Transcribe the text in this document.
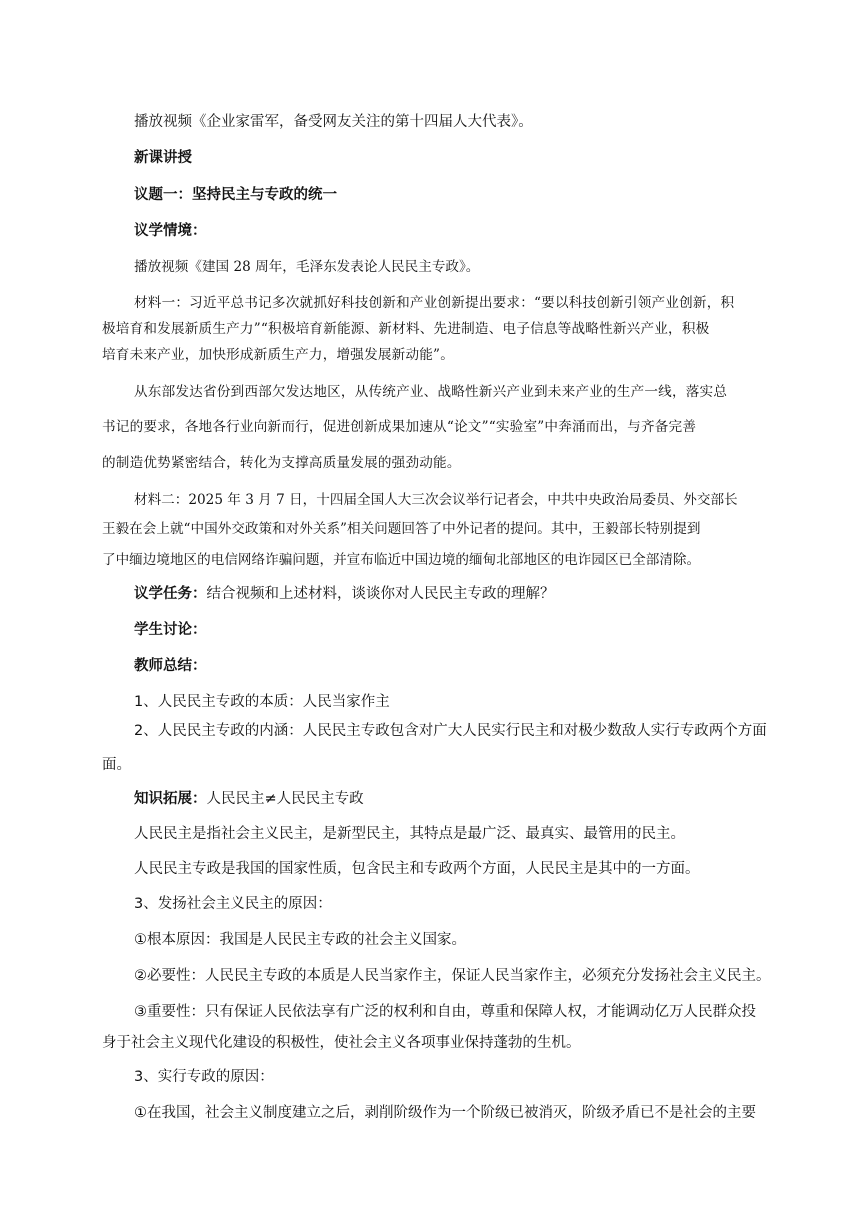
播放视频《企业家雷军，备受网友关注的第十四届人大代表》。
新课讲授
议题一：坚持民主与专政的统一
议学情境：
播放视频《建国 28 周年，毛泽东发表论人民民主专政》。
材料一：习近平总书记多次就抓好科技创新和产业创新提出要求：“要以科技创新引领产业创新，积
极培育和发展新质生产力”“积极培育新能源、新材料、先进制造、电子信息等战略性新兴产业，积极
培育未来产业，加快形成新质生产力，增强发展新动能”。
从东部发达省份到西部欠发达地区，从传统产业、战略性新兴产业到未来产业的生产一线，落实总
书记的要求，各地各行业向新而行，促进创新成果加速从“论文”“实验室”中奔涌而出，与齐备完善
的制造优势紧密结合，转化为支撑高质量发展的强劲动能。
材料二：2025 年 3 月 7 日，十四届全国人大三次会议举行记者会，中共中央政治局委员、外交部长
王毅在会上就“中国外交政策和对外关系”相关问题回答了中外记者的提问。其中，王毅部长特别提到
了中缅边境地区的电信网络诈骗问题，并宣布临近中国边境的缅甸北部地区的电诈园区已全部清除。
议学任务：结合视频和上述材料，谈谈你对人民民主专政的理解？
学生讨论：
教师总结：
1、人民民主专政的本质：人民当家作主
2、人民民主专政的内涵：人民民主专政包含对广大人民实行民主和对极少数敌人实行专政两个方面
面。
知识拓展：人民民主≠人民民主专政
人民民主是指社会主义民主，是新型民主，其特点是最广泛、最真实、最管用的民主。
人民民主专政是我国的国家性质，包含民主和专政两个方面，人民民主是其中的一方面。
3、发扬社会主义民主的原因：
①根本原因：我国是人民民主专政的社会主义国家。
②必要性：人民民主专政的本质是人民当家作主，保证人民当家作主，必须充分发扬社会主义民主。
③重要性：只有保证人民依法享有广泛的权利和自由，尊重和保障人权，才能调动亿万人民群众投
身于社会主义现代化建设的积极性，使社会主义各项事业保持蓬勃的生机。
3、实行专政的原因：
①在我国，社会主义制度建立之后，剥削阶级作为一个阶级已被消灭，阶级矛盾已不是社会的主要
